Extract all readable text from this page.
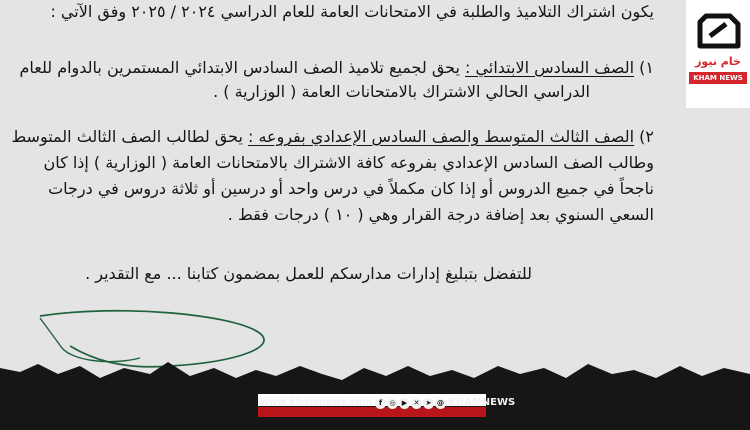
يكون اشتراك التلاميذ والطلبة في الامتحانات العامة للعام الدراسي ٢٠٢٤ / ٢٠٢٥ وفق الآتي :
١) الصف السادس الابتدائي : يحق لجميع تلاميذ الصف السادس الابتدائي المستمرين بالدوام للعام
الدراسي الحالي الاشتراك بالامتحانات العامة ( الوزارية ) .
٢) الصف الثالث المتوسط والصف السادس الإعدادي بفروعه : يحق لطالب الصف الثالث المتوسط
وطالب الصف السادس الإعدادي بفروعه كافة الاشتراك بالامتحانات العامة ( الوزارية ) إذا كان
ناجحاً في جميع الدروس أو إذا كان مكملاً في درس واحد أو درسين أو ثلاثة دروس في درجات
السعي السنوي بعد إضافة درجة القرار وهي ( ١٠ ) درجات فقط .
للتفضل بتبليغ إدارات مدارسكم للعمل بمضمون كتابنا ... مع التقدير .
خام نيوز
KHAM NEWS
www.khamnews.com f	◎ ▶ ✕ ➤ @ KHAMNEWS
